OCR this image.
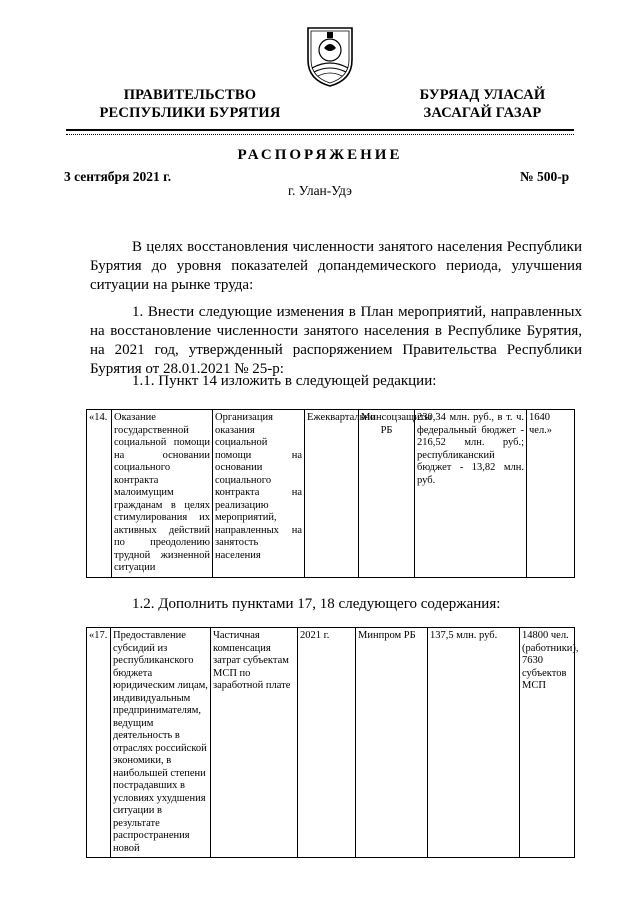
ПРАВИТЕЛЬСТВО
РЕСПУБЛИКИ БУРЯТИЯ
БУРЯАД УЛАСАЙ
ЗАСАГАЙ ГАЗАР
РАСПОРЯЖЕНИЕ
3 сентября 2021 г.	№ 500-р
г. Улан-Удэ
В целях восстановления численности занятого населения Республики Бурятия до уровня показателей допандемического периода, улучшения ситуации на рынке труда:
1. Внести следующие изменения в План мероприятий, направленных на восстановление численности занятого населения в Республике Бурятия, на 2021 год, утвержденный распоряжением Правительства Республики Бурятия от 28.01.2021 № 25-р:
1.1. Пункт 14 изложить в следующей редакции:
«14.	Оказание государственной социальной помощи на основании социального контракта малоимущим гражданам в целях стимулирования их активных действий по преодолению трудной жизненной ситуации	Организация оказания социальной помощи на основании социального контракта на реализацию мероприятий, направленных на занятость населения	Ежеквартально	Минсоцзащиты РБ	230,34 млн. руб., в т. ч. федеральный бюджет - 216,52 млн. руб.; республиканский бюджет - 13,82 млн. руб.	1640 чел.»
1.2. Дополнить пунктами 17, 18 следующего содержания:
«17.	Предоставление субсидий из республиканского бюджета юридическим лицам, индивидуальным предпринимателям, ведущим деятельность в отраслях российской экономики, в наибольшей степени пострадавших в условиях ухудшения ситуации в результате распространения новой	Частичная компенсация затрат субъектам МСП по заработной плате	2021 г.	Минпром РБ	137,5 млн. руб.	14800 чел. (работники), 7630 субъектов МСП
